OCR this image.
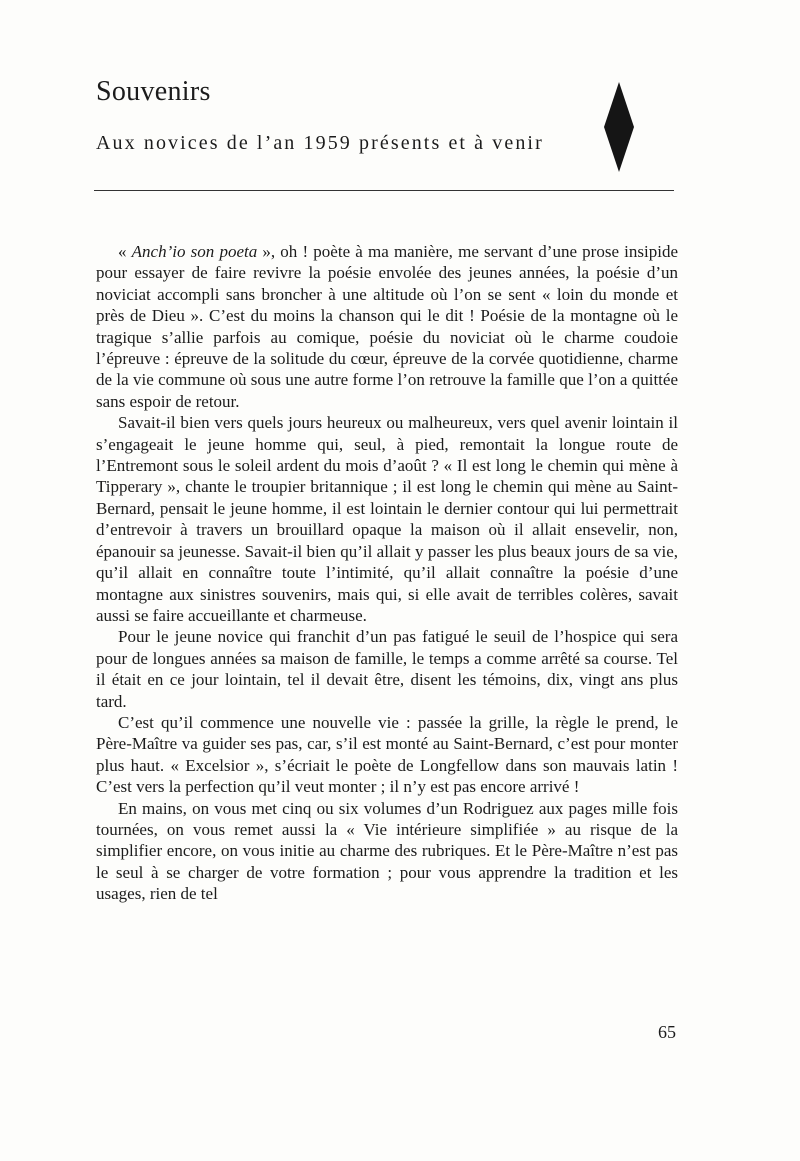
Souvenirs
Aux novices de l’an 1959 présents et à venir

« Anch’io son poeta », oh ! poète à ma manière, me servant d’une prose insipide pour essayer de faire revivre la poésie envolée des jeunes années, la poésie d’un noviciat accompli sans broncher à une altitude où l’on se sent « loin du monde et près de Dieu ». C’est du moins la chanson qui le dit ! Poésie de la montagne où le tragique s’allie parfois au comique, poésie du noviciat où le charme coudoie l’épreuve : épreuve de la solitude du cœur, épreuve de la corvée quotidienne, charme de la vie commune où sous une autre forme l’on retrouve la famille que l’on a quittée sans espoir de retour.

Savait-il bien vers quels jours heureux ou malheureux, vers quel avenir lointain il s’engageait le jeune homme qui, seul, à pied, remontait la longue route de l’Entremont sous le soleil ardent du mois d’août ? « Il est long le chemin qui mène à Tipperary », chante le troupier britannique ; il est long le chemin qui mène au Saint-Bernard, pensait le jeune homme, il est lointain le dernier contour qui lui permettrait d’entrevoir à travers un brouillard opaque la maison où il allait ensevelir, non, épanouir sa jeunesse. Savait-il bien qu’il allait y passer les plus beaux jours de sa vie, qu’il allait en connaître toute l’intimité, qu’il allait connaître la poésie d’une montagne aux sinistres souvenirs, mais qui, si elle avait de terribles colères, savait aussi se faire accueillante et charmeuse.

Pour le jeune novice qui franchit d’un pas fatigué le seuil de l’hospice qui sera pour de longues années sa maison de famille, le temps a comme arrêté sa course. Tel il était en ce jour lointain, tel il devait être, disent les témoins, dix, vingt ans plus tard.

C’est qu’il commence une nouvelle vie : passée la grille, la règle le prend, le Père-Maître va guider ses pas, car, s’il est monté au Saint-Bernard, c’est pour monter plus haut. « Excelsior », s’écriait le poète de Longfellow dans son mauvais latin ! C’est vers la perfection qu’il veut monter ; il n’y est pas encore arrivé !

En mains, on vous met cinq ou six volumes d’un Rodriguez aux pages mille fois tournées, on vous remet aussi la « Vie intérieure simplifiée » au risque de la simplifier encore, on vous initie au charme des rubriques. Et le Père-Maître n’est pas le seul à se charger de votre formation ; pour vous apprendre la tradition et les usages, rien de tel

65
